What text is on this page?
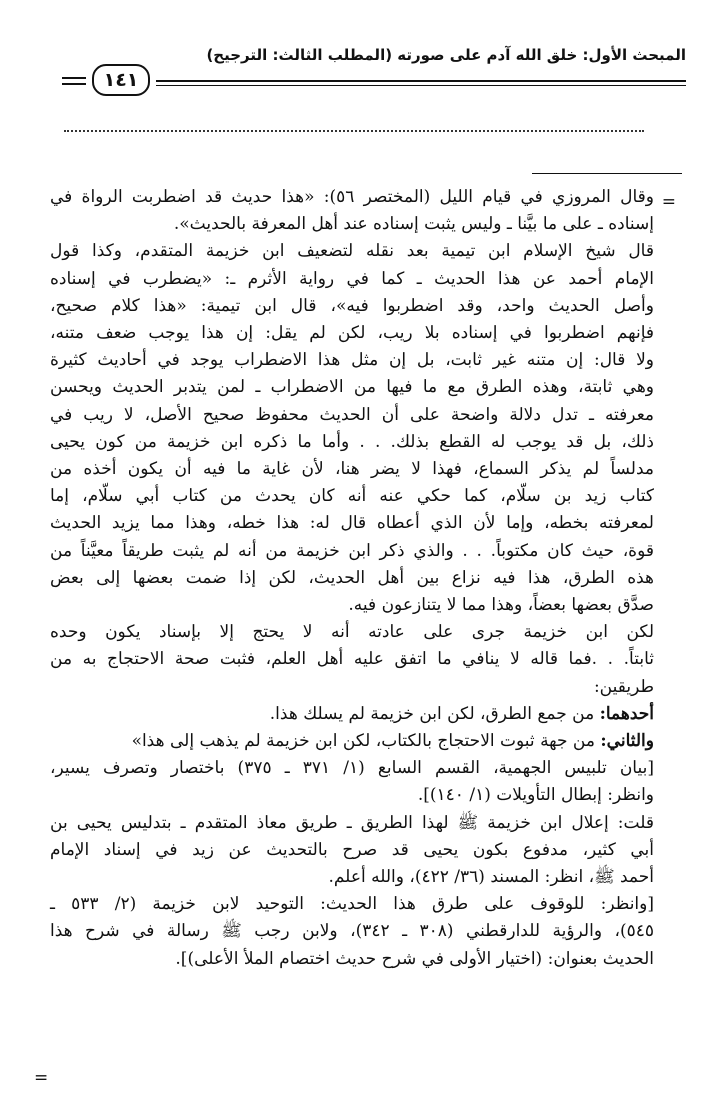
المبحث الأول: خلق الله آدم على صورته (المطلب الثالث: الترجيح)
١٤١
=
=
وقال المروزي في قيام الليل (المختصر ٥٦): «هذا حديث قد اضطربت الرواة في
إسناده ـ على ما بيَّنا ـ وليس يثبت إسناده عند أهل المعرفة بالحديث».
قال شيخ الإسلام ابن تيمية بعد نقله لتضعيف ابن خزيمة المتقدم، وكذا قول
الإمام أحمد عن هذا الحديث ـ كما في رواية الأثرم ـ: «يضطرب في إسناده
وأصل الحديث واحد، وقد اضطربوا فيه»، قال ابن تيمية: «هذا كلام صحيح،
فإنهم اضطربوا في إسناده بلا ريب، لكن لم يقل: إن هذا يوجب ضعف متنه،
ولا قال: إن متنه غير ثابت، بل إن مثل هذا الاضطراب يوجد في أحاديث كثيرة
وهي ثابتة، وهذه الطرق مع ما فيها من الاضطراب ـ لمن يتدبر الحديث ويحسن
معرفته ـ تدل دلالة واضحة على أن الحديث محفوظ صحيح الأصل، لا ريب في
ذلك، بل قد يوجب له القطع بذلك. . . وأما ما ذكره ابن خزيمة من كون يحيى
مدلساً لم يذكر السماع، فهذا لا يضر هنا، لأن غاية ما فيه أن يكون أخذه من
كتاب زيد بن سلّام، كما حكي عنه أنه كان يحدث من كتاب أبي سلّام، إما
لمعرفته بخطه، وإما لأن الذي أعطاه قال له: هذا خطه، وهذا مما يزيد الحديث
قوة، حيث كان مكتوباً. . . والذي ذكر ابن خزيمة من أنه لم يثبت طريقاً معيَّناً من
هذه الطرق، هذا فيه نزاع بين أهل الحديث، لكن إذا ضمت بعضها إلى بعض
صدَّق بعضها بعضاً، وهذا مما لا يتنازعون فيه.
لكن ابن خزيمة جرى على عادته أنه لا يحتج إلا بإسناد يكون وحده
ثابتاً. . .فما قاله لا ينافي ما اتفق عليه أهل العلم، فثبت صحة الاحتجاج به من
طريقين:
أحدهما: من جمع الطرق، لكن ابن خزيمة لم يسلك هذا.
والثاني: من جهة ثبوت الاحتجاج بالكتاب، لكن ابن خزيمة لم يذهب إلى هذا»
[بيان تلبيس الجهمية، القسم السابع (١/ ٣٧١ ـ ٣٧٥) باختصار وتصرف يسير،
وانظر: إبطال التأويلات (١/ ١٤٠)].
قلت: إعلال ابن خزيمة ﷺ لهذا الطريق ـ طريق معاذ المتقدم ـ بتدليس يحيى بن
أبي كثير، مدفوع بكون يحيى قد صرح بالتحديث عن زيد في إسناد الإمام
أحمد ﷺ، انظر: المسند (٣٦/ ٤٢٢)، والله أعلم.
[وانظر: للوقوف على طرق هذا الحديث: التوحيد لابن خزيمة (٢/ ٥٣٣ ـ
٥٤٥)، والرؤية للدارقطني (٣٠٨ ـ ٣٤٢)، ولابن رجب ﷺ رسالة في شرح هذا
الحديث بعنوان: (اختيار الأولى في شرح حديث اختصام الملأ الأعلى)].
